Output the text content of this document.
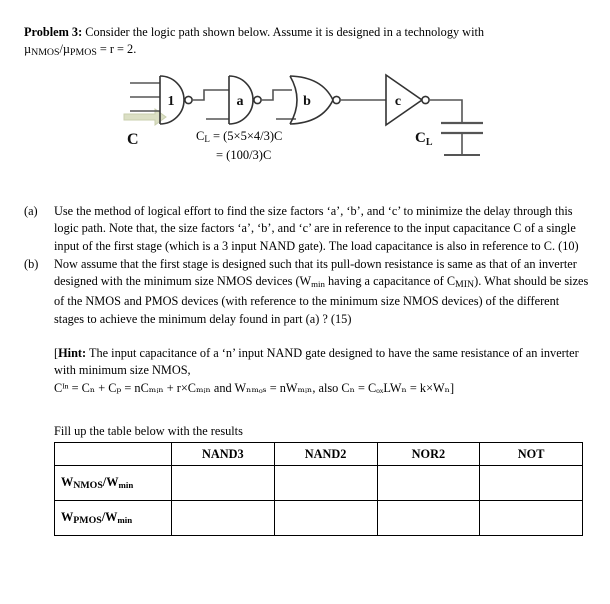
Problem 3: Consider the logic path shown below. Assume it is designed in a technology with
µ$_{NMOS}$/µ$_{PMOS}$ = r = 2.
1	a	b	c
C	$C_L$
$C_L = (5\times 5\times 4/3)C$
= (100/3)C
(a)	Use the method of logical effort to find the size factors ‘a’, ‘b’, and ‘c’ to minimize the delay through this logic path. Note that, the size factors ‘a’, ‘b’, and ‘c’ are in reference to the input capacitance C of a single input of the first stage (which is a 3 input NAND gate). The load capacitance is also in reference to C. (10)
(b)	Now assume that the first stage is designed such that its pull-down resistance is same as that of an inverter designed with the minimum size NMOS devices ($W_{min}$ having a capacitance of $C_{MIN}$). What should be sizes of the NMOS and PMOS devices (with reference to the minimum size NMOS devices) of the different stages to achieve the minimum delay found in part (a) ? (15)
[Hint: The input capacitance of a ‘n’ input NAND gate designed to have the same resistance of an inverter with minimum size NMOS,
Cᴵⁿ = Cₙ + Cₚ = nCₘᵢₙ + r×Cₘᵢₙ and Wₙₘₒₛ = nWₘᵢₙ, also Cₙ = CₒₓLWₙ = k×Wₙ]
Fill up the table below with the results
	NAND3	NAND2	NOR2	NOT
$W_{NMOS}/W_{min}$				
$W_{PMOS}/W_{min}$				
